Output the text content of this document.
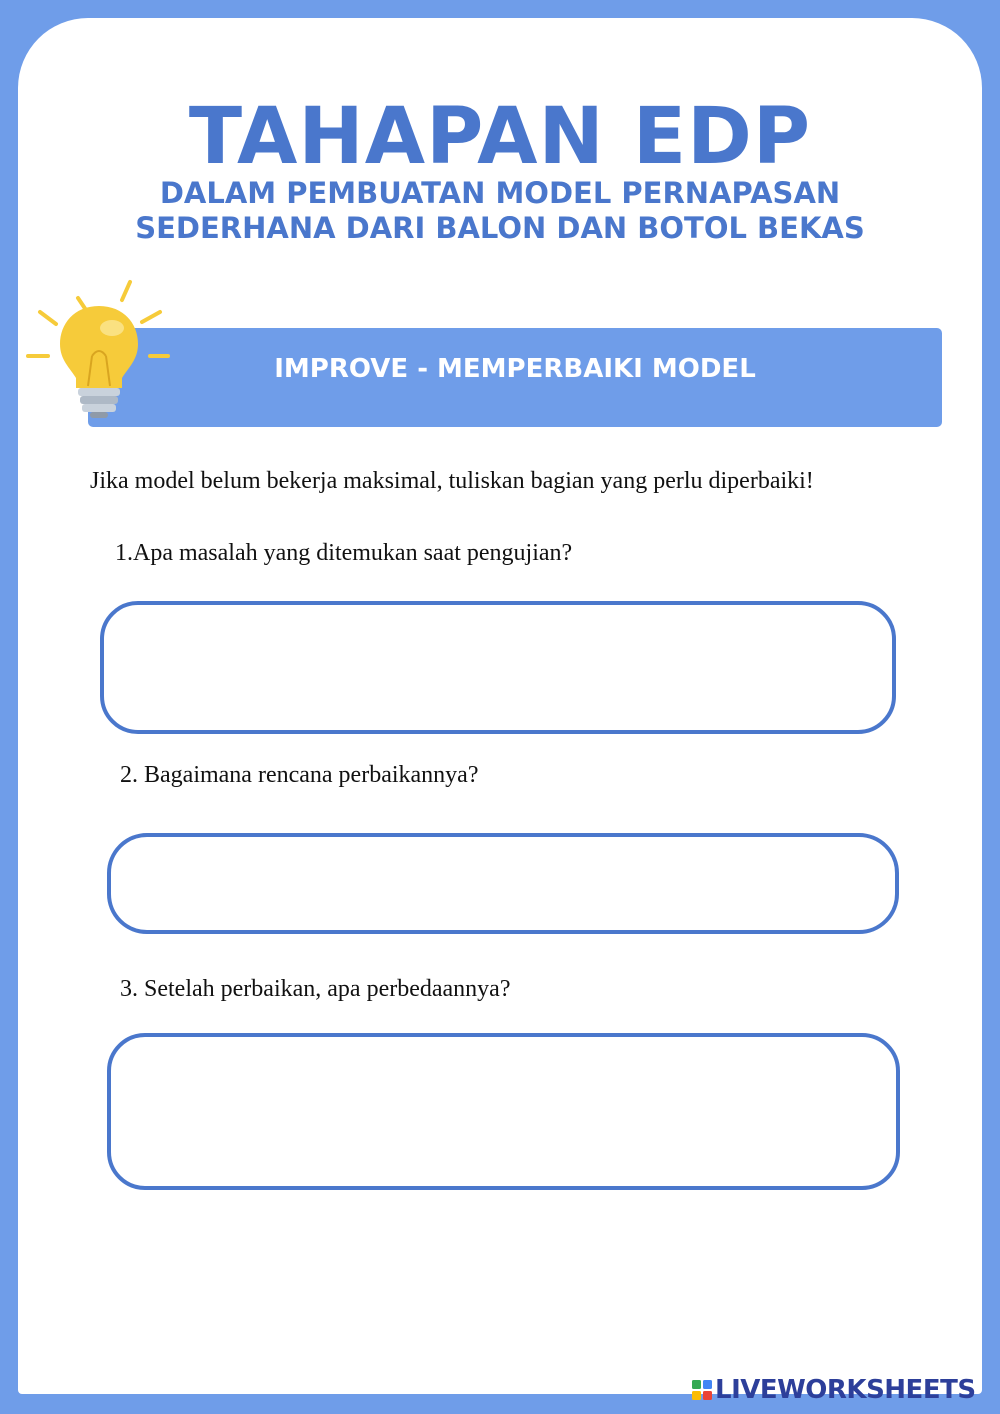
TAHAPAN EDP
DALAM PEMBUATAN MODEL PERNAPASAN SEDERHANA DARI BALON DAN BOTOL BEKAS
IMPROVE - MEMPERBAIKI MODEL
Jika model belum bekerja maksimal, tuliskan bagian yang perlu diperbaiki!
1.Apa masalah yang ditemukan saat pengujian?
2. Bagaimana rencana perbaikannya?
3. Setelah perbaikan, apa perbedaannya?
LIVEWORKSHEETS
